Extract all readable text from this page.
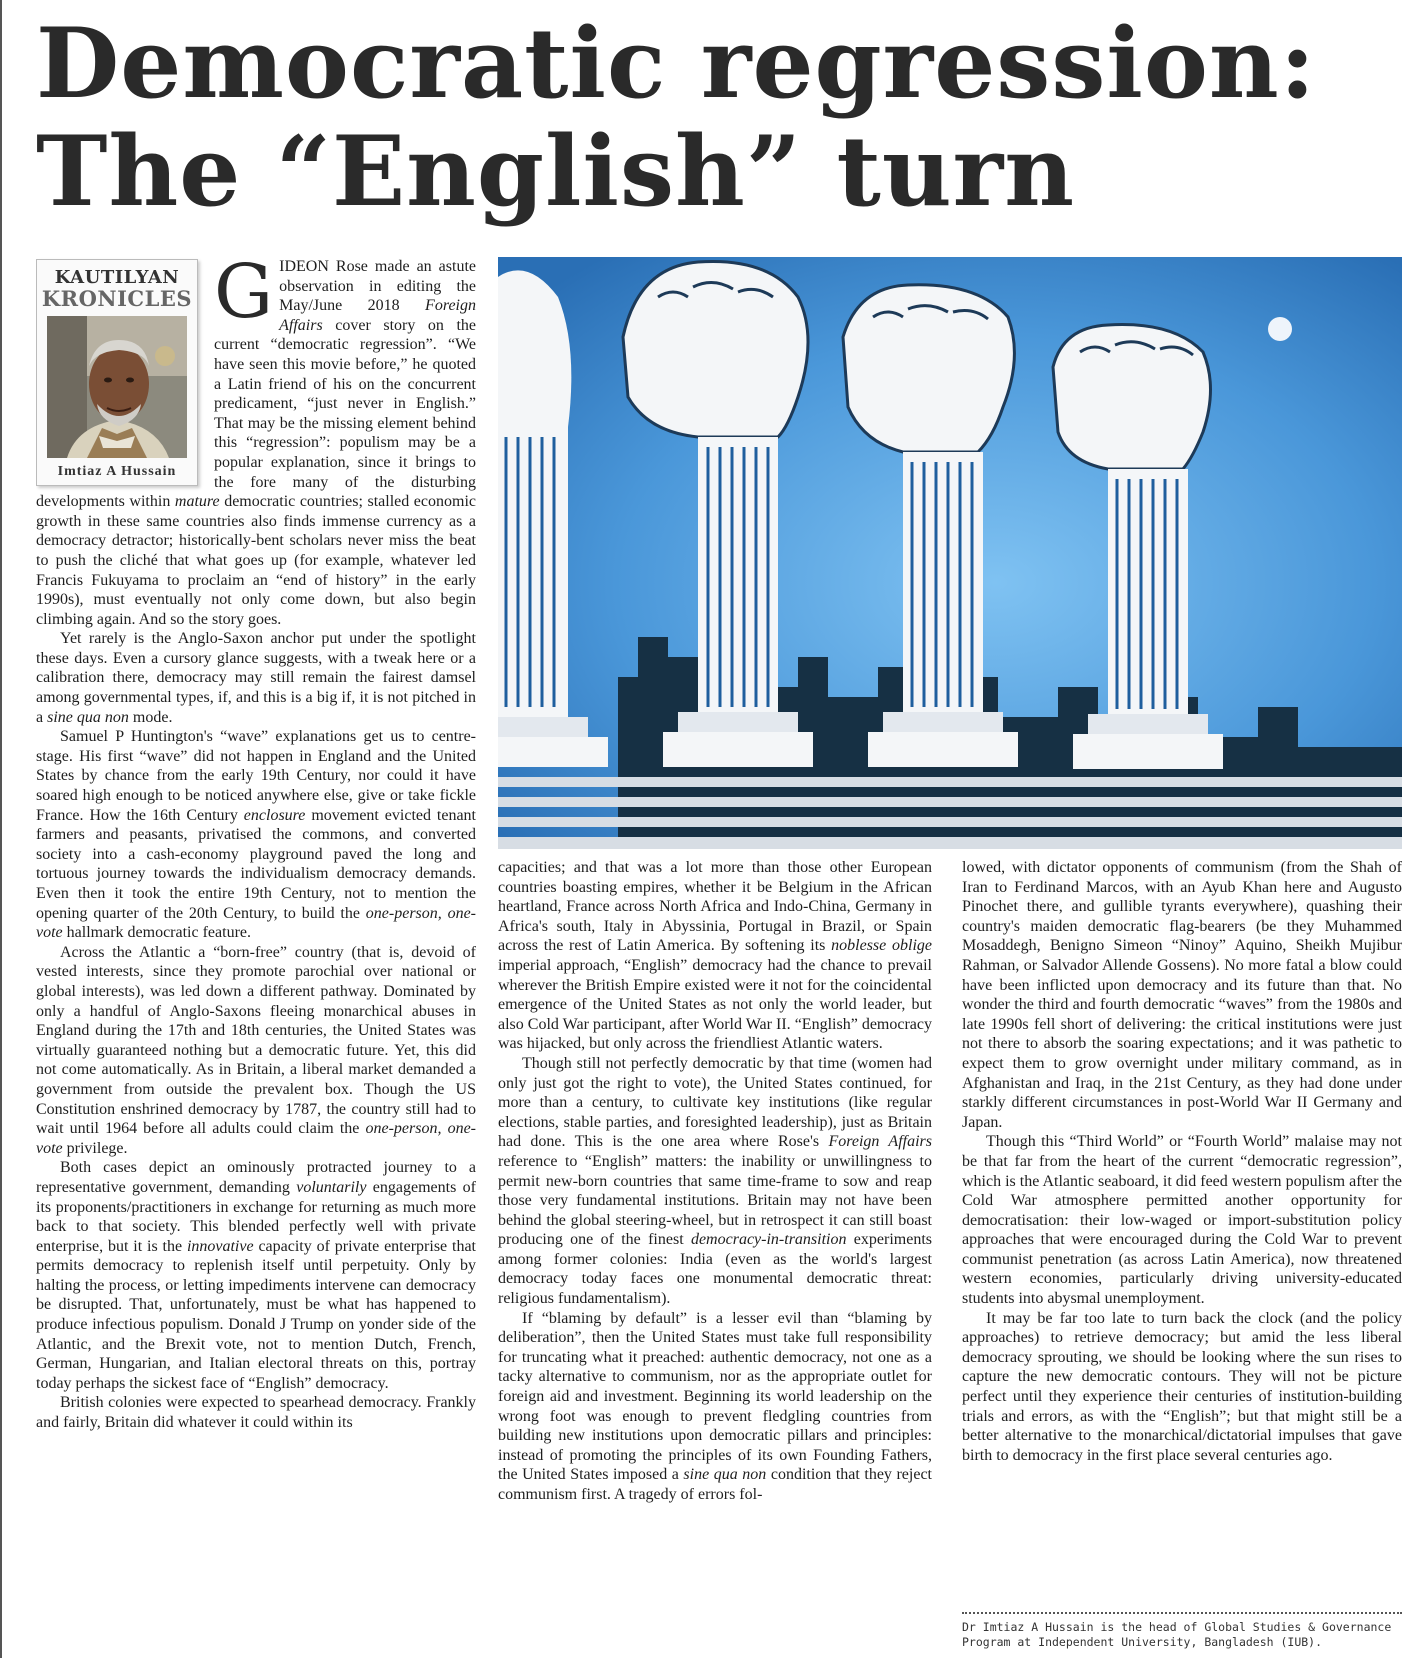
Democratic regression:
The “English” turn
KAUTILYAN
KRONICLES
Imtiaz A Hussain

GIDEON Rose made an astute observation in editing the May/June 2018 Foreign Affairs cover story on the current “democratic regression”. “We have seen this movie before,” he quoted a Latin friend of his on the concurrent predicament, “just never in English.” That may be the missing element behind this “regression”: populism may be a popular explanation, since it brings to the fore many of the disturbing developments within mature democratic countries; stalled economic growth in these same countries also finds immense currency as a democracy detractor; historically-bent scholars never miss the beat to push the cliché that what goes up (for example, whatever led Francis Fukuyama to proclaim an “end of history” in the early 1990s), must eventually not only come down, but also begin climbing again. And so the story goes.

Yet rarely is the Anglo-Saxon anchor put under the spotlight these days. Even a cursory glance suggests, with a tweak here or a calibration there, democracy may still remain the fairest damsel among governmental types, if, and this is a big if, it is not pitched in a sine qua non mode.

Samuel P Huntington's “wave” explanations get us to centre-stage. His first “wave” did not happen in England and the United States by chance from the early 19th Century, nor could it have soared high enough to be noticed anywhere else, give or take fickle France. How the 16th Century enclosure movement evicted tenant farmers and peasants, privatised the commons, and converted society into a cash-economy playground paved the long and tortuous journey towards the individualism democracy demands. Even then it took the entire 19th Century, not to mention the opening quarter of the 20th Century, to build the one-person, one-vote hallmark democratic feature.

Across the Atlantic a “born-free” country (that is, devoid of vested interests, since they promote parochial over national or global interests), was led down a different pathway. Dominated by only a handful of Anglo-Saxons fleeing monarchical abuses in England during the 17th and 18th centuries, the United States was virtually guaranteed nothing but a democratic future. Yet, this did not come automatically. As in Britain, a liberal market demanded a government from outside the prevalent box. Though the US Constitution enshrined democracy by 1787, the country still had to wait until 1964 before all adults could claim the one-person, one-vote privilege.

Both cases depict an ominously protracted journey to a representative government, demanding voluntarily engagements of its proponents/practitioners in exchange for returning as much more back to that society. This blended perfectly well with private enterprise, but it is the innovative capacity of private enterprise that permits democracy to replenish itself until perpetuity. Only by halting the process, or letting impediments intervene can democracy be disrupted. That, unfortunately, must be what has happened to produce infectious populism. Donald J Trump on yonder side of the Atlantic, and the Brexit vote, not to mention Dutch, French, German, Hungarian, and Italian electoral threats on this, portray today perhaps the sickest face of “English” democracy.

British colonies were expected to spearhead democracy. Frankly and fairly, Britain did whatever it could within its

capacities; and that was a lot more than those other European countries boasting empires, whether it be Belgium in the African heartland, France across North Africa and Indo-China, Germany in Africa's south, Italy in Abyssinia, Portugal in Brazil, or Spain across the rest of Latin America. By softening its noblesse oblige imperial approach, “English” democracy had the chance to prevail wherever the British Empire existed were it not for the coincidental emergence of the United States as not only the world leader, but also Cold War participant, after World War II. “English” democracy was hijacked, but only across the friendliest Atlantic waters.

Though still not perfectly democratic by that time (women had only just got the right to vote), the United States continued, for more than a century, to cultivate key institutions (like regular elections, stable parties, and foresighted leadership), just as Britain had done. This is the one area where Rose's Foreign Affairs reference to “English” matters: the inability or unwillingness to permit new-born countries that same time-frame to sow and reap those very fundamental institutions. Britain may not have been behind the global steering-wheel, but in retrospect it can still boast producing one of the finest democracy-in-transition experiments among former colonies: India (even as the world's largest democracy today faces one monumental democratic threat: religious fundamentalism).

If “blaming by default” is a lesser evil than “blaming by deliberation”, then the United States must take full responsibility for truncating what it preached: authentic democracy, not one as a tacky alternative to communism, nor as the appropriate outlet for foreign aid and investment. Beginning its world leadership on the wrong foot was enough to prevent fledgling countries from building new institutions upon democratic pillars and principles: instead of promoting the principles of its own Founding Fathers, the United States imposed a sine qua non condition that they reject communism first. A tragedy of errors fol-

lowed, with dictator opponents of communism (from the Shah of Iran to Ferdinand Marcos, with an Ayub Khan here and Augusto Pinochet there, and gullible tyrants everywhere), quashing their country's maiden democratic flag-bearers (be they Muhammed Mosaddegh, Benigno Simeon “Ninoy” Aquino, Sheikh Mujibur Rahman, or Salvador Allende Gossens). No more fatal a blow could have been inflicted upon democracy and its future than that. No wonder the third and fourth democratic “waves” from the 1980s and late 1990s fell short of delivering: the critical institutions were just not there to absorb the soaring expectations; and it was pathetic to expect them to grow overnight under military command, as in Afghanistan and Iraq, in the 21st Century, as they had done under starkly different circumstances in post-World War II Germany and Japan.

Though this “Third World” or “Fourth World” malaise may not be that far from the heart of the current “democratic regression”, which is the Atlantic seaboard, it did feed western populism after the Cold War atmosphere permitted another opportunity for democratisation: their low-waged or import-substitution policy approaches that were encouraged during the Cold War to prevent communist penetration (as across Latin America), now threatened western economies, particularly driving university-educated students into abysmal unemployment.

It may be far too late to turn back the clock (and the policy approaches) to retrieve democracy; but amid the less liberal democracy sprouting, we should be looking where the sun rises to capture the new democratic contours. They will not be picture perfect until they experience their centuries of institution-building trials and errors, as with the “English”; but that might still be a better alternative to the monarchical/dictatorial impulses that gave birth to democracy in the first place several centuries ago.

Dr Imtiaz A Hussain is the head of Global Studies & Governance Program at Independent University, Bangladesh (IUB).
